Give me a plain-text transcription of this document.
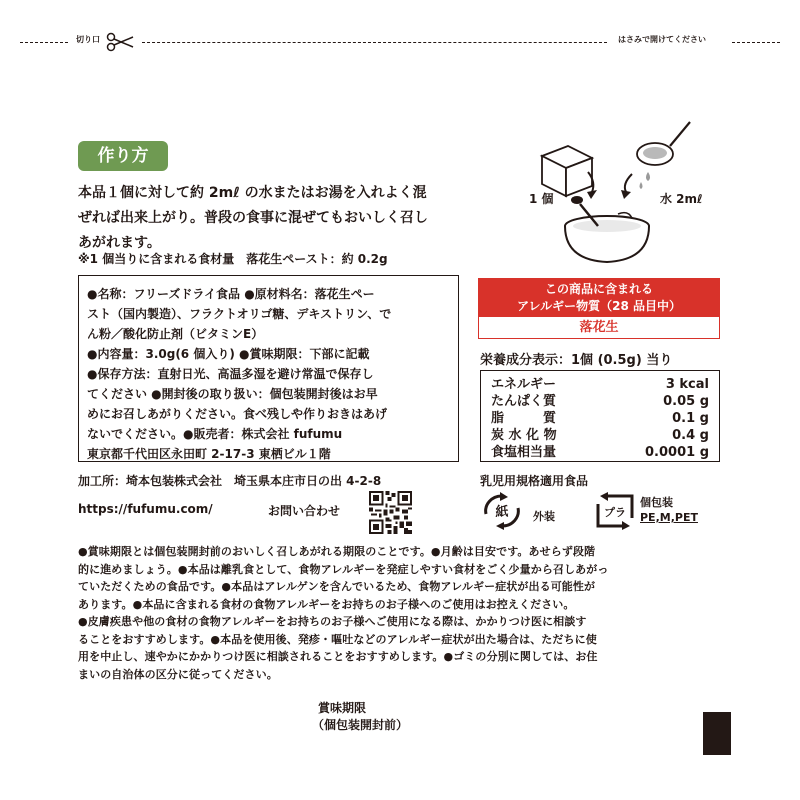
切り口	はさみで開けてください
作り方
本品１個に対して約 2mℓ の水またはお湯を入れよく混
ぜれば出来上がり。普段の食事に混ぜてもおいしく召し
あがれます。
※1 個当りに含まれる食材量　落花生ペースト：約 0.2g
1 個	水 2mℓ
●名称：フリーズドライ食品 ●原材料名：落花生ペー
スト（国内製造）、フラクトオリゴ糖、デキストリン、で
ん粉／酸化防止剤（ビタミンE）
●内容量：3.0g(6 個入り) ●賞味期限：下部に記載
●保存方法：直射日光、高温多湿を避け常温で保存し
てください ●開封後の取り扱い：個包装開封後はお早
めにお召しあがりください。食べ残しや作りおきはあげ
ないでください。●販売者：株式会社 fufumu
東京都千代田区永田町 2-17-3 東栖ビル１階
この商品に含まれる
アレルギー物質（28 品目中）
落花生
栄養成分表示：1個 (0.5g) 当り
エネルギー	3 kcal
たんぱく質	0.05 g
脂　　　質	0.1 g
炭 水 化 物	0.4 g
食塩相当量	0.0001 g
加工所：埼本包装株式会社　埼玉県本庄市日の出 4-2-8	乳児用規格適用食品
https://fufumu.com/	お問い合わせ	紙 外装	プラ
個包装
PE,M,PET
●賞味期限とは個包装開封前のおいしく召しあがれる期限のことです。●月齢は目安です。あせらず段階
的に進めましょう。●本品は離乳食として、食物アレルギーを発症しやすい食材をごく少量から召しあがっ
ていただくための食品です。●本品はアレルゲンを含んでいるため、食物アレルギー症状が出る可能性が
あります。●本品に含まれる食材の食物アレルギーをお持ちのお子様へのご使用はお控えください。
●皮膚疾患や他の食材の食物アレルギーをお持ちのお子様へご使用になる際は、かかりつけ医に相談す
ることをおすすめします。●本品を使用後、発疹・嘔吐などのアレルギー症状が出た場合は、ただちに使
用を中止し、速やかにかかりつけ医に相談されることをおすすめします。●ゴミの分別に関しては、お住
まいの自治体の区分に従ってください。
賞味期限
（個包装開封前）
